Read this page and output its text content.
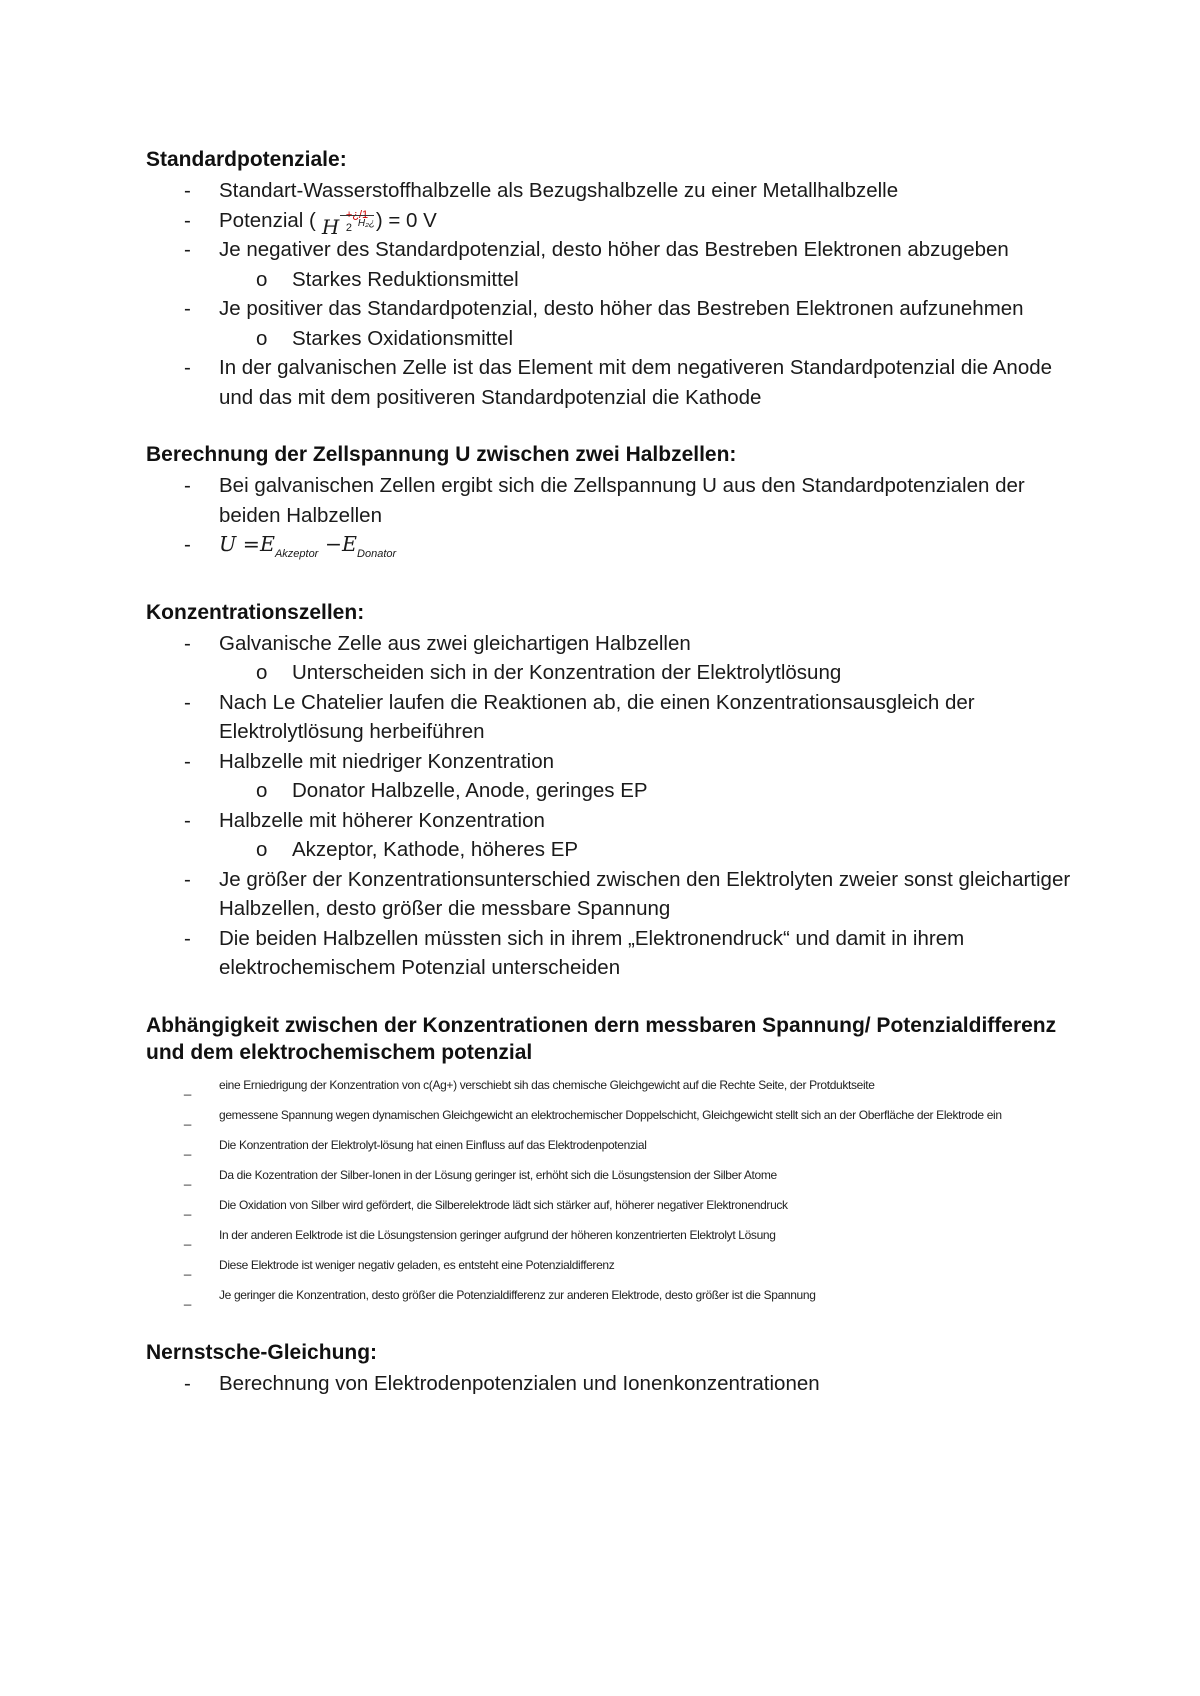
Standardpotenziale:
- Standart-Wasserstoffhalbzelle als Bezugshalbzelle zu einer Metallhalbzelle
- Potenzial ( H +¿/1
2 H₂¿ ) = 0 V
- Je negativer des Standardpotenzial, desto höher das Bestreben Elektronen abzugeben
o Starkes Reduktionsmittel
- Je positiver das Standardpotenzial, desto höher das Bestreben Elektronen aufzunehmen
o Starkes Oxidationsmittel
- In der galvanischen Zelle ist das Element mit dem negativeren Standardpotenzial die Anode und das mit dem positiveren Standardpotenzial die Kathode
Berechnung der Zellspannung U zwischen zwei Halbzellen:
- Bei galvanischen Zellen ergibt sich die Zellspannung U aus den Standardpotenzialen der beiden Halbzellen
- $U =E_{Akzeptor} -E_{Donator}$
Konzentrationszellen:
- Galvanische Zelle aus zwei gleichartigen Halbzellen
o Unterscheiden sich in der Konzentration der Elektrolytlösung
- Nach Le Chatelier laufen die Reaktionen ab, die einen Konzentrationsausgleich der Elektrolytlösung herbeiführen
- Halbzelle mit niedriger Konzentration
o Donator Halbzelle, Anode, geringes EP
- Halbzelle mit höherer Konzentration
o Akzeptor, Kathode, höheres EP
- Je größer der Konzentrationsunterschied zwischen den Elektrolyten zweier sonst gleichartiger Halbzellen, desto größer die messbare Spannung
- Die beiden Halbzellen müssten sich in ihrem „Elektronendruck“ und damit in ihrem elektrochemischem Potenzial unterscheiden
Abhängigkeit zwischen der Konzentrationen dern messbaren Spannung/ Potenzialdifferenz und dem elektrochemischem potenzial
_ eine Erniedrigung der Konzentration von c(Ag+) verschiebt sih das chemische Gleichgewicht auf die Rechte Seite, der Protduktseite
_ gemessene Spannung wegen dynamischen Gleichgewicht an elektrochemischer Doppelschicht, Gleichgewicht stellt sich an der Oberfläche der Elektrode ein
_ Die Konzentration der Elektrolyt-lösung hat einen Einfluss auf das Elektrodenpotenzial
_ Da die Kozentration der Silber-Ionen in der Lösung geringer ist, erhöht sich die Lösungstension der Silber Atome
_ Die Oxidation von Silber wird gefördert, die Silberelektrode lädt sich stärker auf, höherer negativer Elektronendruck
_ In der anderen Eelktrode ist die Lösungstension geringer aufgrund der höheren konzentrierten Elektrolyt Lösung
_ Diese Elektrode ist weniger negativ geladen, es entsteht eine Potenzialdifferenz
_ Je geringer die Konzentration, desto größer die Potenzialdifferenz zur anderen Elektrode, desto größer ist die Spannung
Nernstsche-Gleichung:
- Berechnung von Elektrodenpotenzialen und Ionenkonzentrationen
